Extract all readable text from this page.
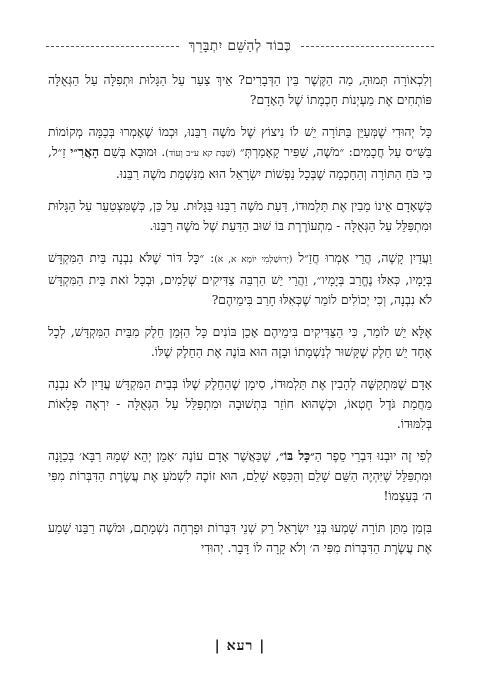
כְּבוֹד לְהַשֵּׁם יִתְבָּרֵךְ

וְלִכְאוֹרָה תְּמוּהָ, מַה הַקֶּשֶׁר בֵּין הַדְּבָרִים? אֵיךְ צַעַר עַל הַגָּלוּת וּתְפִלָּה עַל הַגְּאֻלָּה פּוֹתְחִים אֶת מַעְיְנוֹת חָכְמָתוֹ שֶׁל הָאָדָם?

כָּל יְהוּדִי שֶׁמְּעַיֵּן בַּתּוֹרָה יֵשׁ לוֹ נִיצוֹץ שֶׁל מֹשֶׁה רַבֵּנוּ, וּכְמוֹ שֶׁאָמְרוּ בְּכַמָּה מְקוֹמוֹת בַּשַּׁ״ס עַל חֲכָמִים: ״מֹשֶׁה, שַׁפִּיר קָאָמַרְתְּ״ (שַׁבָּת קא ע״ב וְעוֹד). וּמוּבָא בְּשֵׁם הָאֲרִ״י זַ״ל, כִּי כֹּחַ הַתּוֹרָה וְהַחָכְמָה שֶׁבְּכָל נַפְשׁוֹת יִשְׂרָאֵל הוּא מִנִּשְׁמַת מֹשֶׁה רַבֵּנוּ.

כְּשֶׁאָדָם אֵינוֹ מֵבִין אֶת תַּלְמוּדוֹ, דַּעַת מֹשֶׁה רַבֵּנוּ בַּגָּלוּת. עַל כֵּן, כְּשֶׁמִּצְטַעֵר עַל הַגָּלוּת וּמִתְפַּלֵּל עַל הַגְּאֻלָּה - מִתְעוֹרֶרֶת בּוֹ שׁוּב הַדַּעַת שֶׁל מֹשֶׁה רַבֵּנוּ.

וַעֲדַיִן קָשֶׁה, הֲרֵי אָמְרוּ חֲזַ״ל (יְרוּשַׁלְמִי יוֹמָא א, א): ״כָּל דּוֹר שֶׁלֹּא נִבְנָה בֵּית הַמִּקְדָּשׁ בְּיָמָיו, כְּאִלּוּ נֶחֱרַב בְּיָמָיו״, וַהֲרֵי יֵשׁ הַרְבֵּה צַדִּיקִים שְׁלֵמִים, וּבְכָל זֹאת בֵּית הַמִּקְדָּשׁ לֹא נִבְנָה, וְכִי יְכוֹלִים לוֹמַר שֶׁכְּאִלּוּ חָרַב בִּימֵיהֶם?

אֶלָּא יֵשׁ לוֹמַר, כִּי הַצַּדִּיקִים בִּימֵיהֶם אָכֵן בּוֹנִים כָּל הַזְּמַן חֵלֶק מִבֵּית הַמִּקְדָּשׁ, לְכָל אֶחָד יֵשׁ חֵלֶק שֶׁקָּשׁוּר לְנִשְׁמָתוֹ וּבָזֶה הוּא בּוֹנֶה אֶת הַחֵלֶק שֶׁלּוֹ.

אָדָם שֶׁמִּתְקַשֶּׁה לְהָבִין אֶת תַּלְמוּדוֹ, סִימָן שֶׁהַחֵלֶק שֶׁלּוֹ בְּבֵית הַמִּקְדָּשׁ עֲדַיִן לֹא נִבְנָה מֵחֲמַת גֹּדֶל חֶטְאוֹ, וּכְשֶׁהוּא חוֹזֵר בִּתְשׁוּבָה וּמִתְפַּלֵּל עַל הַגְּאֻלָּה - יִרְאֶה פְּלָאוֹת בְּלִמּוּדוֹ.

לְפִי זֶה יוּבְנוּ דִּבְרֵי סֵפֶר הַ״כָּל בּוֹ״, שֶׁכַּאֲשֶׁר אָדָם עוֹנֶה ׳אָמֵן יְהֵא שְׁמֵהּ רַבָּא׳ בְּכַוָּנָה וּמִתְפַּלֵּל שֶׁיִּהְיֶה הַשֵּׁם שָׁלֵם וְהַכִּסֵּא שָׁלֵם, הוּא זוֹכֶה לִשְׁמֹעַ אֶת עֲשֶׂרֶת הַדִּבְּרוֹת מִפִּי ה׳ בְּעַצְמוֹ!

בִּזְמַן מַתַּן תּוֹרָה שָׁמְעוּ בְּנֵי יִשְׂרָאֵל רַק שְׁנֵי דִּבְּרוֹת וּפָרְחָה נִשְׁמָתָם, וּמֹשֶׁה רַבֵּנוּ שָׁמַע אֶת עֲשֶׂרֶת הַדִּבְּרוֹת מִפִּי ה׳ וְלֹא קָרָה לוֹ דָּבָר. יְהוּדִי

| רעא |
